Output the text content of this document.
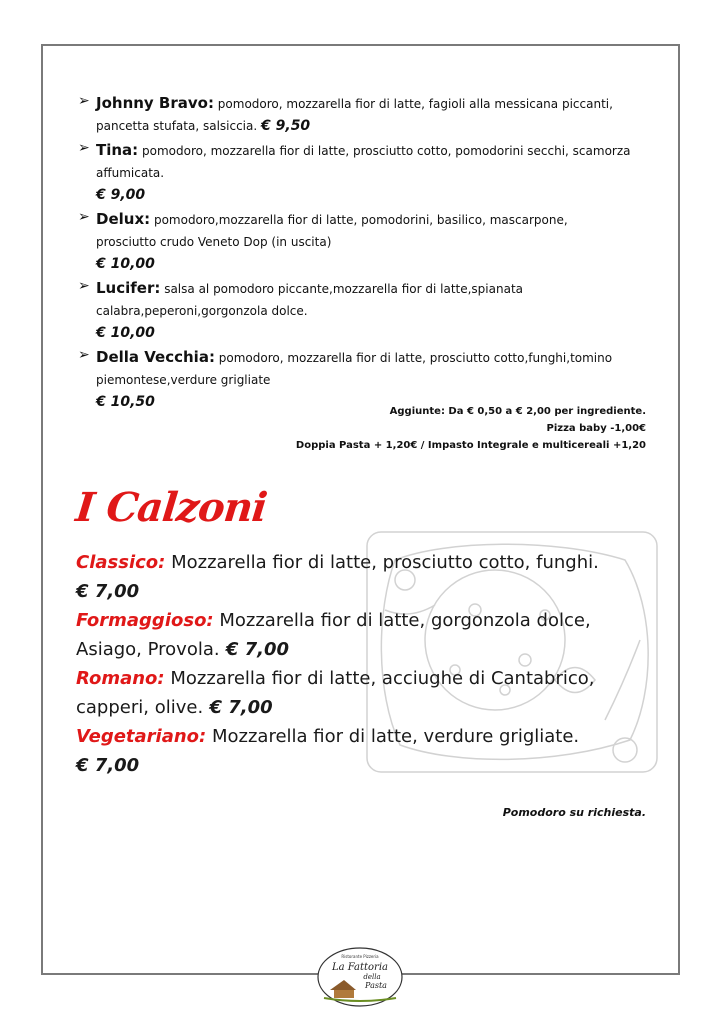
➢ Johnny Bravo: pomodoro, mozzarella fior di latte, fagioli alla messicana piccanti,
pancetta stufata, salsiccia. € 9,50
➢ Tina: pomodoro, mozzarella fior di latte, prosciutto cotto, pomodorini secchi, scamorza
affumicata.
€ 9,00
➢ Delux: pomodoro,mozzarella fior di latte, pomodorini, basilico, mascarpone,
prosciutto crudo Veneto Dop (in uscita)
€ 10,00
➢ Lucifer: salsa al pomodoro piccante,mozzarella fior di latte,spianata
calabra,peperoni,gorgonzola dolce.
€ 10,00
➢ Della Vecchia: pomodoro, mozzarella fior di latte, prosciutto cotto,funghi,tomino
piemontese,verdure grigliate
€ 10,50
Aggiunte: Da € 0,50 a € 2,00 per ingrediente.
Pizza baby -1,00€
Doppia Pasta + 1,20€ / Impasto Integrale e multicereali +1,20
I Calzoni
Classico: Mozzarella fior di latte, prosciutto cotto, funghi.
€ 7,00
Formaggioso: Mozzarella fior di latte, gorgonzola dolce, Asiago, Provola. € 7,00
Romano: Mozzarella fior di latte, acciughe di Cantabrico, capperi, olive. € 7,00
Vegetariano: Mozzarella fior di latte, verdure grigliate.
€ 7,00
Pomodoro su richiesta.
Ristorante Pizzeria
La Fattoria
della
Pasta
